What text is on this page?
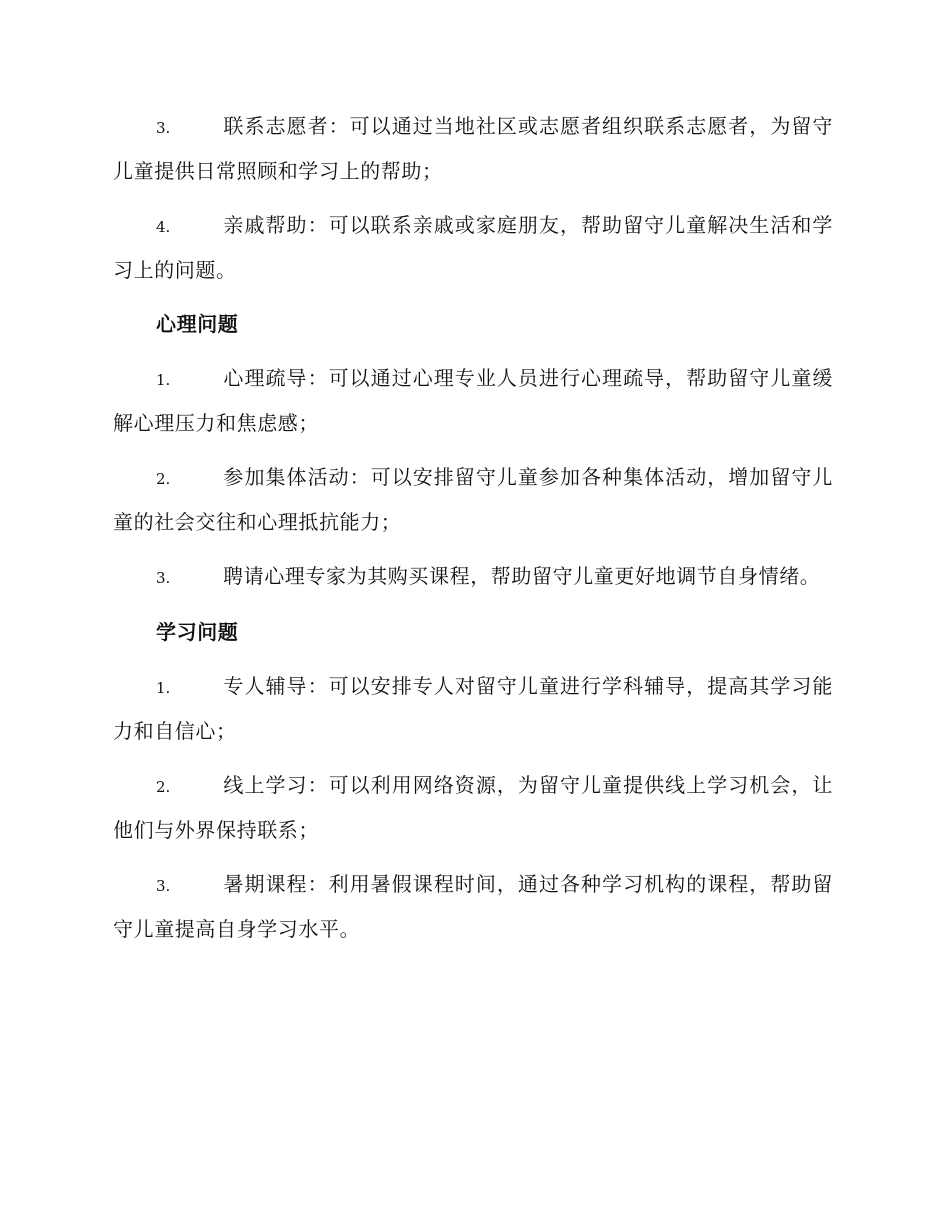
3.	联系志愿者：可以通过当地社区或志愿者组织联系志愿者，为留守儿童提供日常照顾和学习上的帮助；

4.	亲戚帮助：可以联系亲戚或家庭朋友，帮助留守儿童解决生活和学习上的问题。

心理问题

1.	心理疏导：可以通过心理专业人员进行心理疏导，帮助留守儿童缓解心理压力和焦虑感；

2.	参加集体活动：可以安排留守儿童参加各种集体活动，增加留守儿童的社会交往和心理抵抗能力；

3.	聘请心理专家为其购买课程，帮助留守儿童更好地调节自身情绪。

学习问题

1.	专人辅导：可以安排专人对留守儿童进行学科辅导，提高其学习能力和自信心；

2.	线上学习：可以利用网络资源，为留守儿童提供线上学习机会，让他们与外界保持联系；

3.	暑期课程：利用暑假课程时间，通过各种学习机构的课程，帮助留守儿童提高自身学习水平。
